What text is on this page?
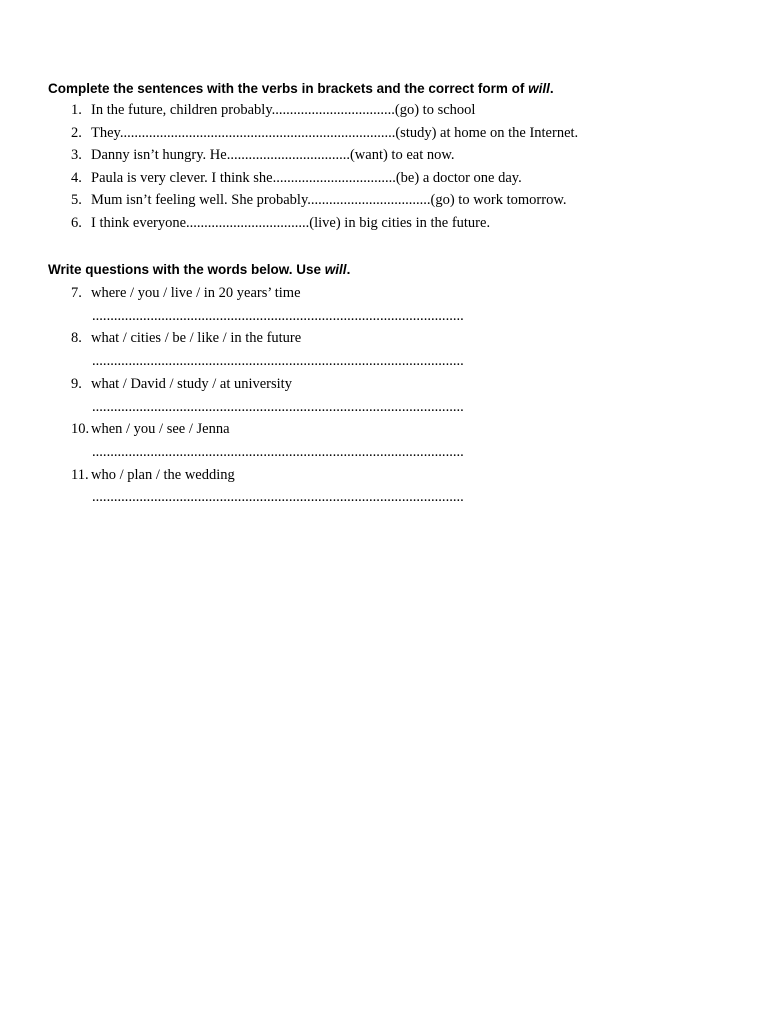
Complete the sentences with the verbs in brackets and the correct form of will.

1. In the future, children probably..................................(go) to school
2. They............................................................................(study) at home on the Internet.
3. Danny isn’t hungry. He..................................(want) to eat now.
4. Paula is very clever. I think she..................................(be) a doctor one day.
5. Mum isn’t feeling well. She probably..................................(go) to work tomorrow.
6. I think everyone..................................(live) in big cities in the future.

Write questions with the words below. Use will.

7. where / you / live / in 20 years’ time
......................................................................................................
8. what / cities / be / like / in the future
......................................................................................................
9. what / David / study / at university
......................................................................................................
10. when / you / see / Jenna
......................................................................................................
11. who / plan / the wedding
......................................................................................................
